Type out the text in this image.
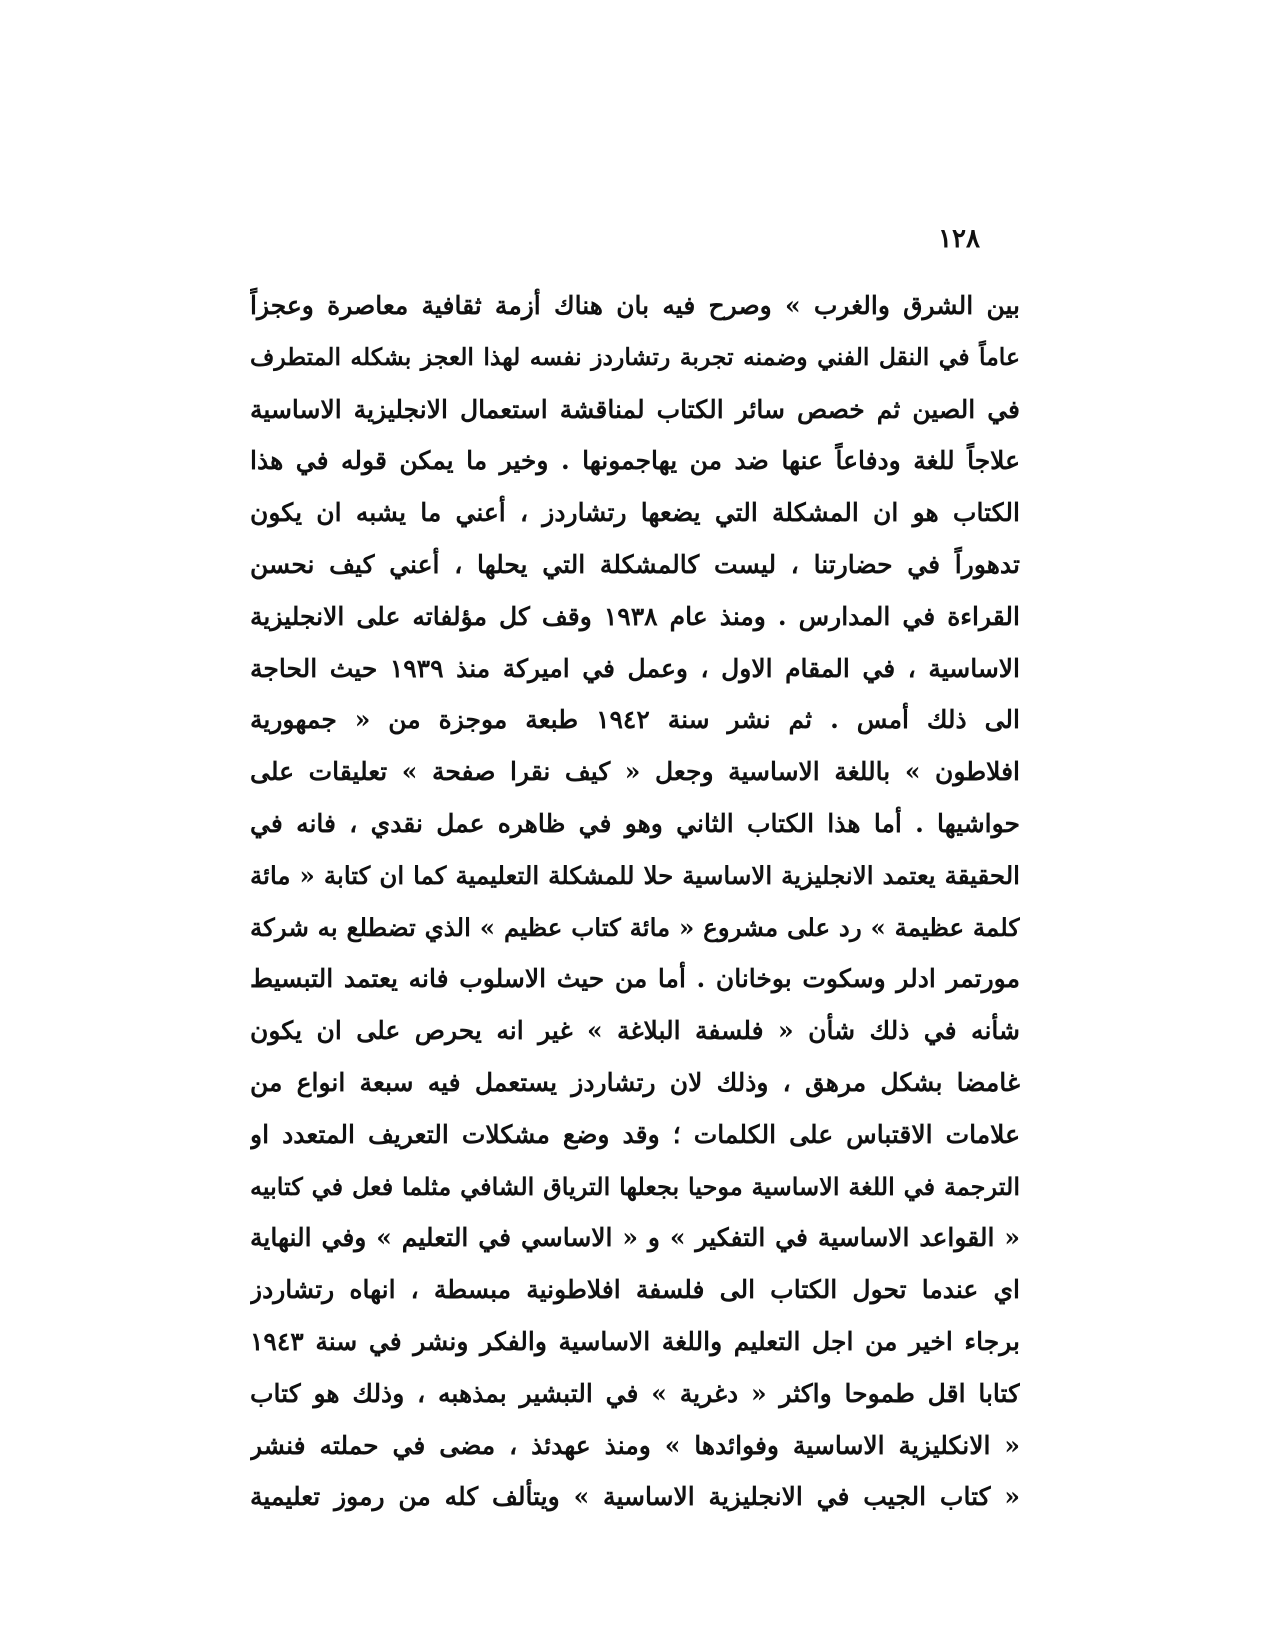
١٢٨
بين الشرق والغرب » وصرح فيه بان هناك أزمة ثقافية معاصرة وعجزاً
عاماً في النقل الفني وضمنه تجربة رتشاردز نفسه لهذا العجز بشكله المتطرف
في الصين ثم خصص سائر الكتاب لمناقشة استعمال الانجليزية الاساسية
علاجاً للغة ودفاعاً عنها ضد من يهاجمونها . وخير ما يمكن قوله في هذا
الكتاب هو ان المشكلة التي يضعها رتشاردز ، أعني ما يشبه ان يكون
تدهوراً في حضارتنا ، ليست كالمشكلة التي يحلها ، أعني كيف نحسن
القراءة في المدارس . ومنذ عام ١٩٣٨ وقف كل مؤلفاته على الانجليزية
الاساسية ، في المقام الاول ، وعمل في اميركة منذ ١٩٣٩ حيث الحاجة
الى ذلك أمس . ثم نشر سنة ١٩٤٢ طبعة موجزة من « جمهورية
افلاطون » باللغة الاساسية وجعل « كيف نقرا صفحة » تعليقات على
حواشيها . أما هذا الكتاب الثاني وهو في ظاهره عمل نقدي ، فانه في
الحقيقة يعتمد الانجليزية الاساسية حلا للمشكلة التعليمية كما ان كتابة « مائة
كلمة عظيمة » رد على مشروع « مائة كتاب عظيم » الذي تضطلع به شركة
مورتمر ادلر وسكوت بوخانان . أما من حيث الاسلوب فانه يعتمد التبسيط
شأنه في ذلك شأن « فلسفة البلاغة » غير انه يحرص على ان يكون
غامضا بشكل مرهق ، وذلك لان رتشاردز يستعمل فيه سبعة انواع من
علامات الاقتباس على الكلمات ؛ وقد وضع مشكلات التعريف المتعدد او
الترجمة في اللغة الاساسية موحيا بجعلها الترياق الشافي مثلما فعل في كتابيه
« القواعد الاساسية في التفكير » و « الاساسي في التعليم » وفي النهاية
اي عندما تحول الكتاب الى فلسفة افلاطونية مبسطة ، انهاه رتشاردز
برجاء اخير من اجل التعليم واللغة الاساسية والفكر ونشر في سنة ١٩٤٣
كتابا اقل طموحا واكثر « دغرية » في التبشير بمذهبه ، وذلك هو كتاب
« الانكليزية الاساسية وفوائدها » ومنذ عهدئذ ، مضى في حملته فنشر
« كتاب الجيب في الانجليزية الاساسية » ويتألف كله من رموز تعليمية
